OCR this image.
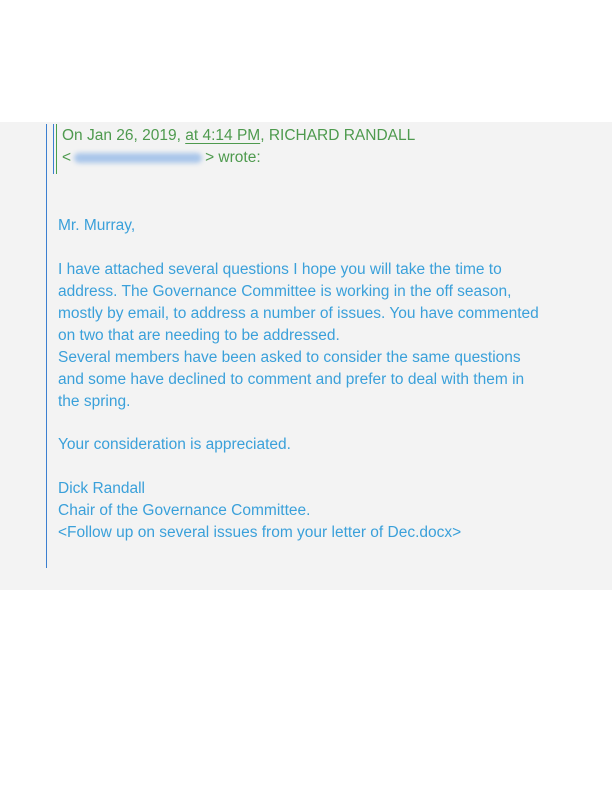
On Jan 26, 2019, at 4:14 PM, RICHARD RANDALL
<	> wrote:
Mr. Murray,
I have attached several questions I hope you will take the time to
address. The Governance Committee is working in the off season,
mostly by email, to address a number of issues. You have commented
on two that are needing to be addressed.
Several members have been asked to consider the same questions
and some have declined to comment and prefer to deal with them in
the spring.
Your consideration is appreciated.
Dick Randall
Chair of the Governance Committee.
<Follow up on several issues from your letter of Dec.docx>
